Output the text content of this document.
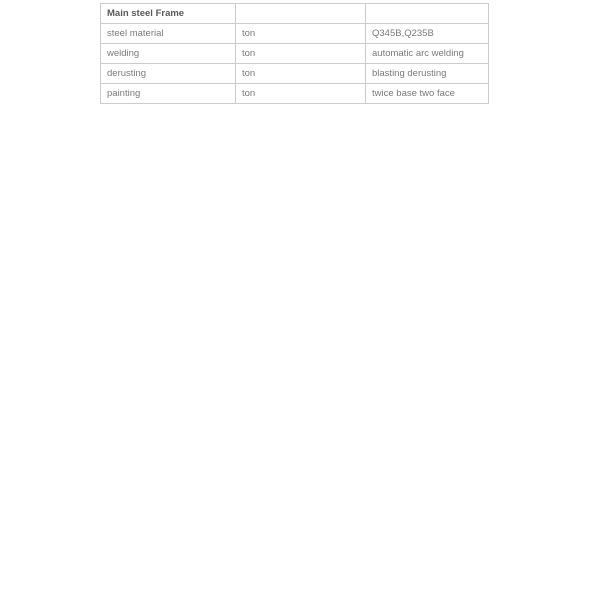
Main steel Frame		
steel material	ton	Q345B,Q235B
welding	ton	automatic arc welding
derusting	ton	blasting derusting
painting	ton	twice base two face
